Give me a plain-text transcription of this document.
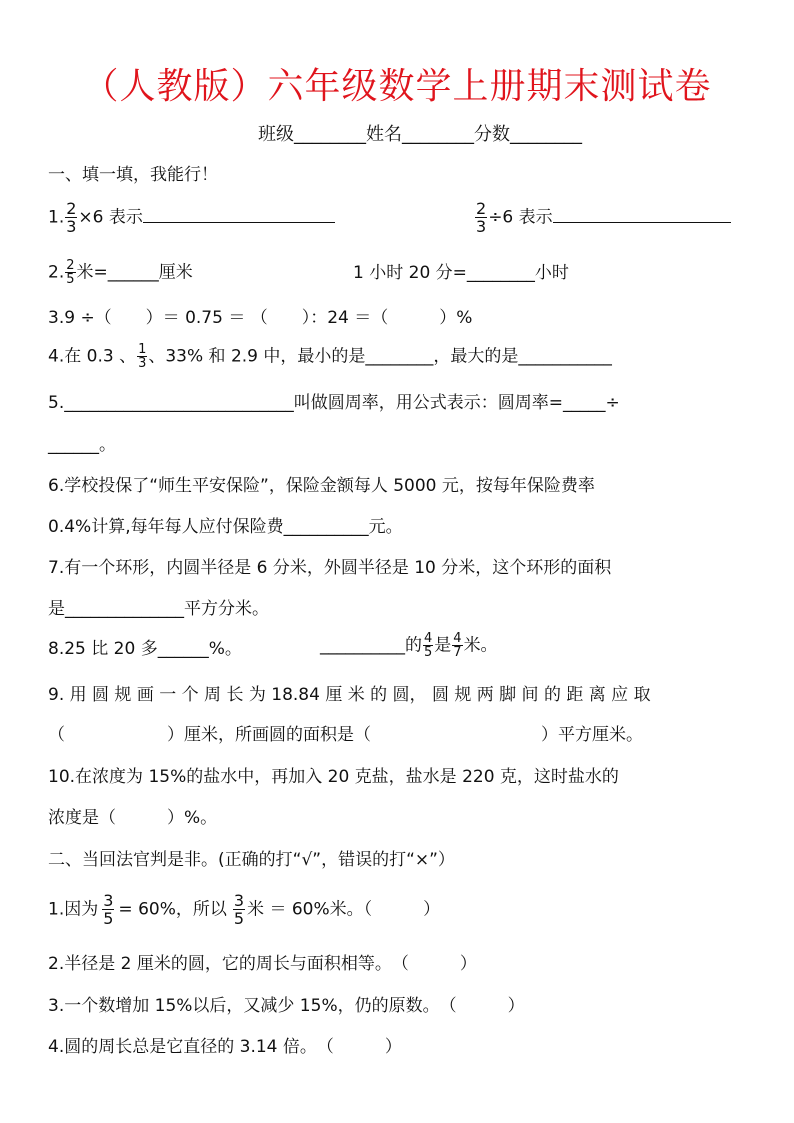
（人教版）六年级数学上册期末测试卷
班级________姓名________分数________
一、填一填，我能行！
1. $\frac{2}{3} \times 6$ 表示	$\frac{2}{3} \div 6$ 表示
2. $\frac{2}{5}$ 米=______厘米	1 小时 20 分=________小时
3.9 ÷（　　）＝ 0.75 ＝ （　　）：24 ＝（　　　）%
4.在 0.3 、 $\frac{1}{3}$ 、33% 和 2.9 中，最小的是________，最大的是___________
5.___________________________叫做圆周率，用公式表示：圆周率=_____÷
______。
6.学校投保了“师生平安保险”，保险金额每人 5000 元，按每年保险费率
0.4%计算,每年每人应付保险费__________元。
7.有一个环形，内圆半径是 6 分米，外圆半径是 10 分米，这个环形的面积
是______________平方分米。
8.25 比 20 多______%。	__________的 $\frac{4}{5}$ 是 $\frac{4}{7}$ 米。
9. 用 圆 规 画 一 个 周 长 为 18.84 厘 米 的 圆， 圆 规 两 脚 间 的 距 离 应 取
（　　　　　　）厘米，所画圆的面积是（　　　　　　　　　　）平方厘米。
10.在浓度为 15%的盐水中，再加入 20 克盐，盐水是 220 克，这时盐水的
浓度是（　　　）%。
二、当回法官判是非。(正确的打“√”，错误的打“×”）
1.因为 $\frac{3}{5} = 60\%$，所以 $\frac{3}{5}$ 米 ＝ 60%米。（　　　）
2.半径是 2 厘米的圆，它的周长与面积相等。　（　　　）
3.一个数增加 15%以后，又减少 15%，仍的原数。　（　　　）
4.圆的周长总是它直径的 3.14 倍。　（　　　）
